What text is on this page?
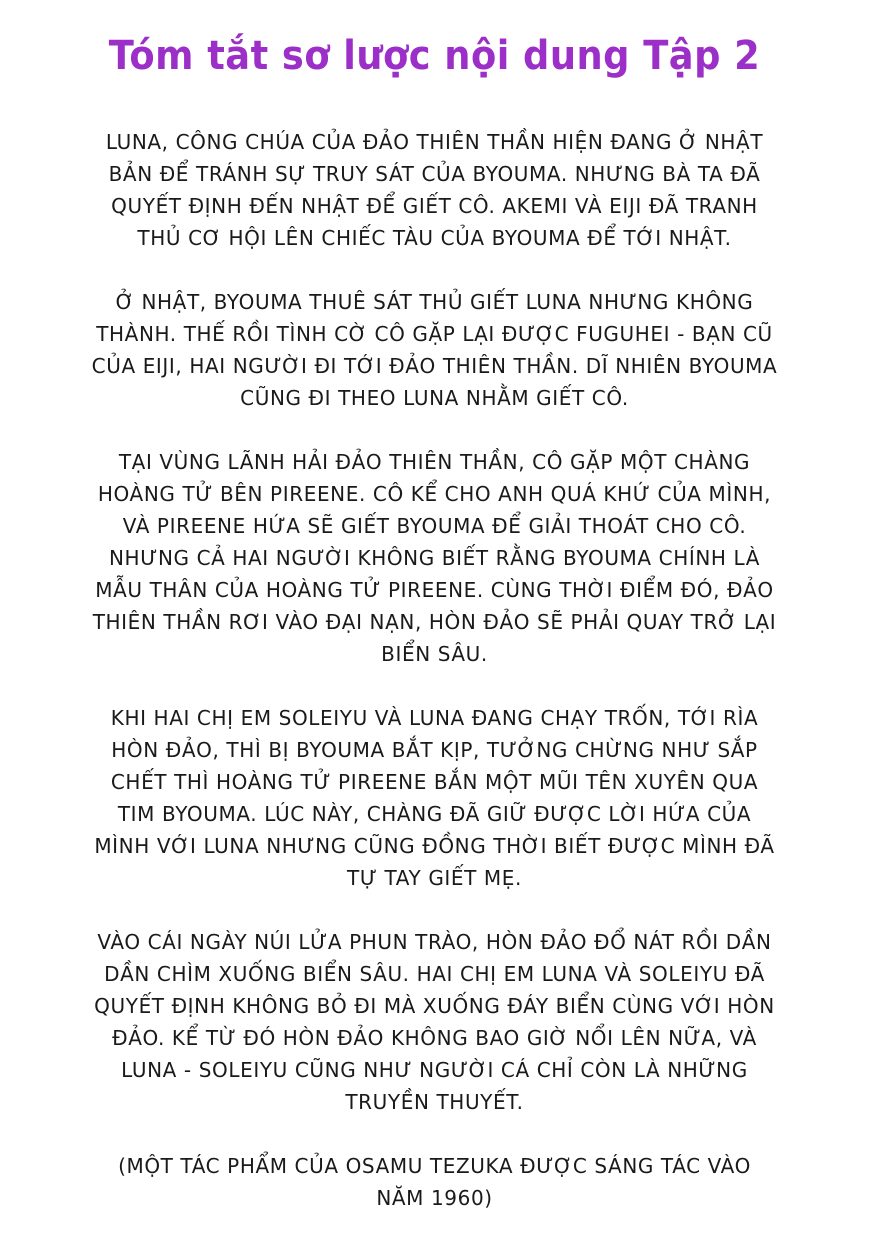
Tóm tắt sơ lược nội dung Tập 2

LUNA, CÔNG CHÚA CỦA ĐẢO THIÊN THẦN HIỆN ĐANG Ở NHẬT
BẢN ĐỂ TRÁNH SỰ TRUY SÁT CỦA BYOUMA. NHƯNG BÀ TA ĐÃ
QUYẾT ĐỊNH ĐẾN NHẬT ĐỂ GIẾT CÔ. AKEMI VÀ EIJI ĐÃ TRANH
THỦ CƠ HỘI LÊN CHIẾC TÀU CỦA BYOUMA ĐỂ TỚI NHẬT.

Ở NHẬT, BYOUMA THUÊ SÁT THỦ GIẾT LUNA NHƯNG KHÔNG
THÀNH. THẾ RỒI TÌNH CỜ CÔ GẶP LẠI ĐƯỢC FUGUHEI - BẠN CŨ
CỦA EIJI, HAI NGƯỜI ĐI TỚI ĐẢO THIÊN THẦN. DĨ NHIÊN BYOUMA
CŨNG ĐI THEO LUNA NHẰM GIẾT CÔ.

TẠI VÙNG LÃNH HẢI ĐẢO THIÊN THẦN, CÔ GẶP MỘT CHÀNG
HOÀNG TỬ BÊN PIREENE. CÔ KỂ CHO ANH QUÁ KHỨ CỦA MÌNH,
VÀ PIREENE HỨA SẼ GIẾT BYOUMA ĐỂ GIẢI THOÁT CHO CÔ.
NHƯNG CẢ HAI NGƯỜI KHÔNG BIẾT RẰNG BYOUMA CHÍNH LÀ
MẪU THÂN CỦA HOÀNG TỬ PIREENE. CÙNG THỜI ĐIỂM ĐÓ, ĐẢO
THIÊN THẦN RƠI VÀO ĐẠI NẠN, HÒN ĐẢO SẼ PHẢI QUAY TRỞ LẠI
BIỂN SÂU.

KHI HAI CHỊ EM SOLEIYU VÀ LUNA ĐANG CHẠY TRỐN, TỚI RÌA
HÒN ĐẢO, THÌ BỊ BYOUMA BẮT KỊP, TƯỞNG CHỪNG NHƯ SẮP
CHẾT THÌ HOÀNG TỬ PIREENE BẮN MỘT MŨI TÊN XUYÊN QUA
TIM BYOUMA. LÚC NÀY, CHÀNG ĐÃ GIỮ ĐƯỢC LỜI HỨA CỦA
MÌNH VỚI LUNA NHƯNG CŨNG ĐỒNG THỜI BIẾT ĐƯỢC MÌNH ĐÃ
TỰ TAY GIẾT MẸ.

VÀO CÁI NGÀY NÚI LỬA PHUN TRÀO, HÒN ĐẢO ĐỔ NÁT RỒI DẦN
DẦN CHÌM XUỐNG BIỂN SÂU. HAI CHỊ EM LUNA VÀ SOLEIYU ĐÃ
QUYẾT ĐỊNH KHÔNG BỎ ĐI MÀ XUỐNG ĐÁY BIỂN CÙNG VỚI HÒN
ĐẢO. KỂ TỪ ĐÓ HÒN ĐẢO KHÔNG BAO GIỜ NỔI LÊN NỮA, VÀ
LUNA - SOLEIYU CŨNG NHƯ NGƯỜI CÁ CHỈ CÒN LÀ NHỮNG
TRUYỀN THUYẾT.

(MỘT TÁC PHẨM CỦA OSAMU TEZUKA ĐƯỢC SÁNG TÁC VÀO
NĂM 1960)
